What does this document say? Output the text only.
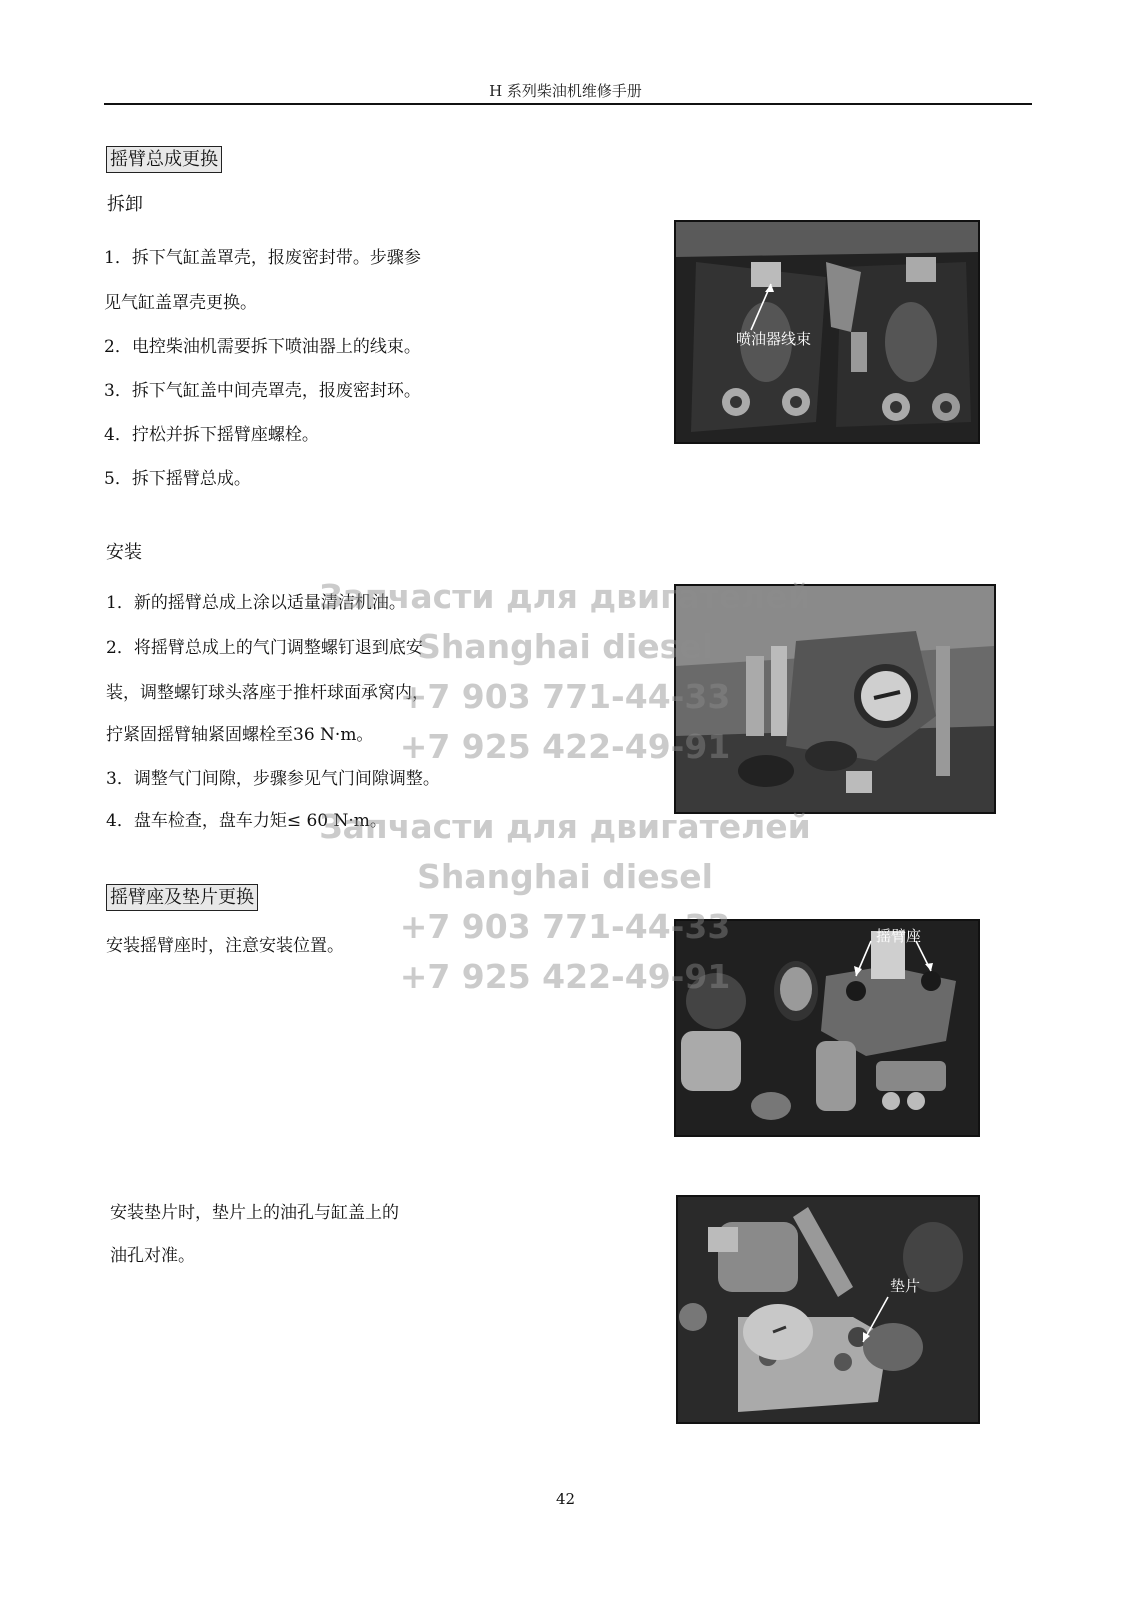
H 系列柴油机维修手册
摇臂总成更换
拆卸
1．拆下气缸盖罩壳，报废密封带。步骤参
见气缸盖罩壳更换。
2．电控柴油机需要拆下喷油器上的线束。
3．拆下气缸盖中间壳罩壳，报废密封环。
4．拧松并拆下摇臂座螺栓。
5．拆下摇臂总成。
喷油器线束
安装
1．新的摇臂总成上涂以适量清洁机油。
2．将摇臂总成上的气门调整螺钉退到底安
装，调整螺钉球头落座于推杆球面承窝内，
拧紧固摇臂轴紧固螺栓至36 N·m。
3．调整气门间隙，步骤参见气门间隙调整。
4．盘车检查，盘车力矩≤ 60 N·m。
摇臂座及垫片更换
安装摇臂座时，注意安装位置。	摇臂座
安装垫片时，垫片上的油孔与缸盖上的
油孔对准。
垫片
Запчасти для двигателей
Shanghai diesel
+7 903 771-44-33
+7 925 422-49-91
Запчасти для двигателей
Shanghai diesel
+7 903 771-44-33
+7 925 422-49-91
42
